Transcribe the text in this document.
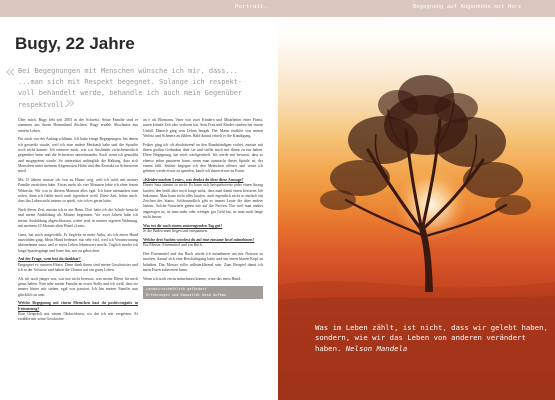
Portrait.
Bugy, 22 Jahre
« Bei Begegnungen mit Menschen wünsche ich mir, dass...
...man sich mit Respekt begegnet. Solange ich respekt-
voll behandelt werde, behandle ich auch mein Gegenüber
respektvoll.

»

Über mich: Bugy lebt seit 2003 in der Schweiz. Seine Familie sind er stammen aus ihrem Heimatland flüchten. Bugy erzählt Abschnitte aus seinem Leben.

Für mich war der Anfang schlimm. Ich hatte einige Begegnungen, bei denen ich gestreikt wurde, weil ich eine andere Herkunft habe und die Sprache noch nicht konnte. Ich erinnere mich, wie wir Ausländer zwischenzeitlich gegenüber beim und die Schweizer untereinander. Auch wenn ich gemobbt und ausgegrenzt wurde. So unterstützt anfänglich die Haltung, dass sich Menschen unter meinem Altgenossen Hohn und den Kontakt zu Schweizern mied.

Mit 15 Jahren musste ich von zu Hause weg, weil ich mich mit meiner Familie zerstritten habe. Etwas mehr als vier Monaten lebte ich ohne festen Wohnsitz. Wir war in diesem Moment alles egal. Ich hatte niemanden zum reden, dann ich fühlte mich auch irgendwie wohl. Diese Zeit, lehrte mich, dass das Leben nicht immer so spielt, wie ich es gerne hätte.

Nach dieser Zeit, musste ich in ein Heim. Dort hatte ich die Schule besucht und meine Ausbildung als Maurer begonnen. Vor zwei Jahren habe ich meine Ausbildung abgeschlossen, wobei jetzt in meiner eigenen Wohnung, mit meinem 10 Monate alten Hund «Leni».

Ganz, hat mich ausgewählt. Er begleite in mein Anbu, als ich einen Hund auswählen ging. Mein Hund bedeutet mir sehr viel, weil ich Verantwortung übernehmen muss und er mein Leben lebenswert macht. Täglich mache ich lange Spaziergänge und lerne ihn, mir zu gehorchen.

Auf der Frage, wem bist du dankbar?

Entgegnet er: meinen Eltern. Denn dank ihnen sind meine Geschwister und ich in der Schweiz und haben die Chance auf ein gutes Leben.

Als ich noch jünger war, war mir nicht bewusst, was meine Eltern für mich getan haben. Nun sehe meine Familie an erster Stelle und ich weiß, dass sie immer hinter mir stehen, egal was passiert. Ich bin meiner Familie nun glücklich zu sein.

Welche Begegnung mit einem Menschen hast du positiv/negativ in Erinnerung?

Eine Gespräch mit einem Obdachlosen, wo der ich mir vergessen. Er erzählte mir seine Geschichte

an e als Ehemann, Vater von zwei Kindern und Mitarbeiter einer Firma, tunen könnte Zeit also verloren hat. Sein Frau und Kinder starben bei einem Unfall. Danach ging sein Leben bergab. Der Mann erzählte von seinen Verlust und Schmerz zu fühlen, Bald darauf erhielt er die Kündigung.

Früher ging ich oft abschätzend an den Randständigen vorbei, musste mit ihnen großen Gedanken über sie und stellte mich mit ihnen zu tun haben. Diese Begegnung, hat mich wachgerüttelt. Ich werde mir bewusst, dass es ebenso jeden passieren kann, wenn man ausmacht dieser Spirale ist, der einem hilft. Seither begegne ich den Menschen offener und wenn ich gebeten werde etwas zu spenden, kaufe ich ihnen etwas zu Essen.

«Kleider machen Leute», was denkst du über diese Aussage?

Dieser Satz stimmt so nicht. Es kann sich beispielsweise jeder einen Anzug kaufen, den heißt aber noch lange nicht, dass man damit einen besseren Job bekommt. Man kann nicht alles kaufen, auch eigentlich nicht so einfach ein Zeichen des Status. Schlussendlich gibt es immer Leute die über andere lästern. Solche Vorurteile gehen mir auf die Nerven. Nur weil man anders angezogen ist, ist man mehr oder weniger gut Geld hat, ist man noch lange nicht besser.

Was tut dir nach einem anstrengenden Tag gut?

Je die Badewanne liegen und entspannen.

Welche drei Sachen würdest du auf eine einsame Insel mitnehmen?

Ein Messer, Eisenmittel und ein Buch.

Den Eisenmittel und das Buch würde ich mitnehmen um mir Notizen zu machen, darauf sich eine Beschäftigung hätte und um einen klaren Kopf zu behalten. Das Messer sollte selbsterklärend sein. Zum Beispiel damit ich mein Essen zubereiten kann.

Wenn ich noch etwas mitnehmen könnte, wäre das mein Hund.

Landwirtschaftlich gefördert
Erfahrungen und Kapazität beim Aufbau
Begegnung auf Augenhöhe mit Herz

Was im Leben zählt, ist nicht, dass wir gelebt haben, sondern, wie wir das Leben von anderen verändert haben. Nelson Mandela
